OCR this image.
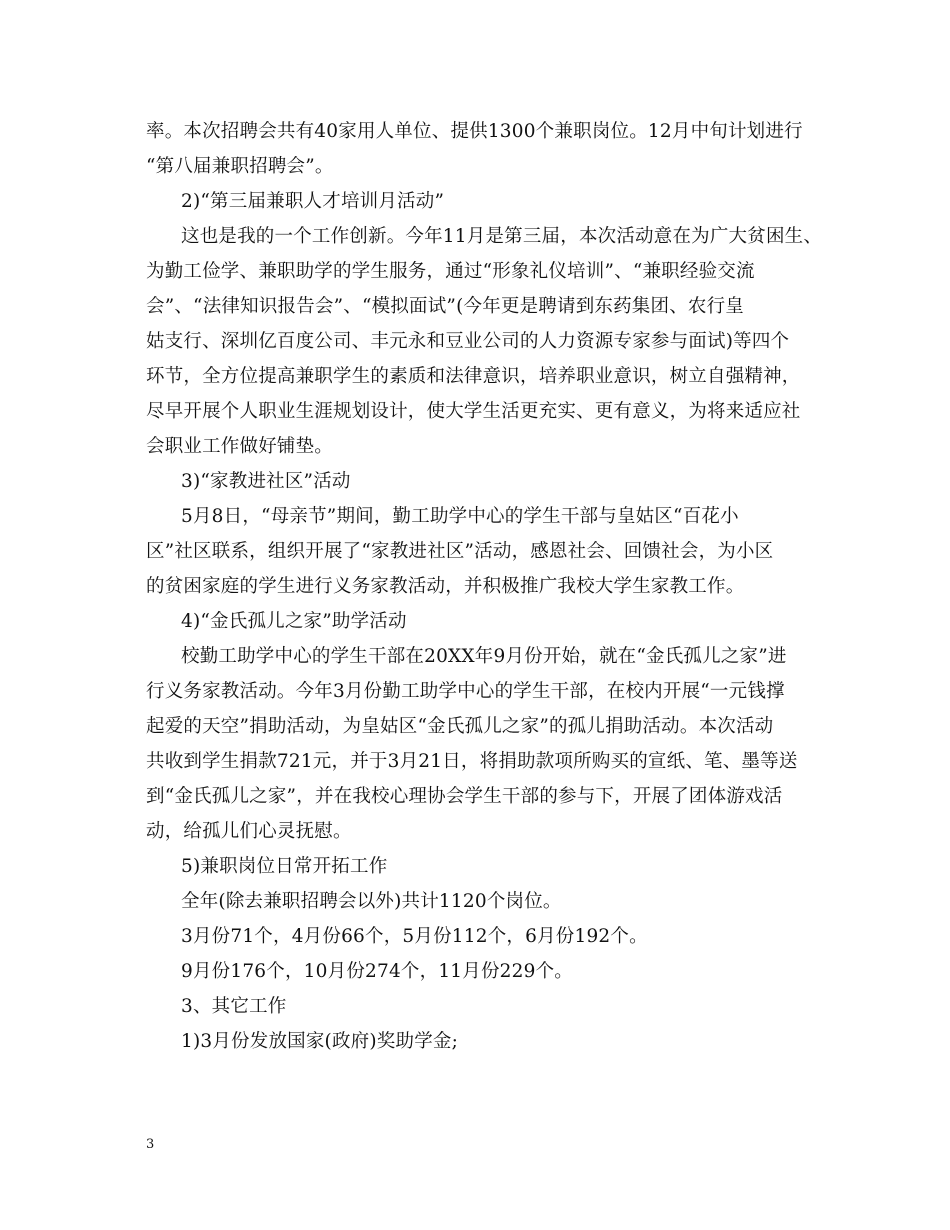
率。本次招聘会共有40家用人单位、提供1300个兼职岗位。12月中旬计划进行
“第八届兼职招聘会”。
2)“第三届兼职人才培训月活动”
这也是我的一个工作创新。今年11月是第三届，本次活动意在为广大贫困生、
为勤工俭学、兼职助学的学生服务，通过“形象礼仪培训”、“兼职经验交流
会”、“法律知识报告会”、“模拟面试”(今年更是聘请到东药集团、农行皇
姑支行、深圳亿百度公司、丰元永和豆业公司的人力资源专家参与面试)等四个
环节，全方位提高兼职学生的素质和法律意识，培养职业意识，树立自强精神，
尽早开展个人职业生涯规划设计，使大学生活更充实、更有意义，为将来适应社
会职业工作做好铺垫。
3)“家教进社区”活动
5月8日，“母亲节”期间，勤工助学中心的学生干部与皇姑区“百花小
区”社区联系，组织开展了“家教进社区”活动，感恩社会、回馈社会，为小区
的贫困家庭的学生进行义务家教活动，并积极推广我校大学生家教工作。
4)“金氏孤儿之家”助学活动
校勤工助学中心的学生干部在20XX年9月份开始，就在“金氏孤儿之家”进
行义务家教活动。今年3月份勤工助学中心的学生干部，在校内开展“一元钱撑
起爱的天空”捐助活动，为皇姑区“金氏孤儿之家”的孤儿捐助活动。本次活动
共收到学生捐款721元，并于3月21日，将捐助款项所购买的宣纸、笔、墨等送
到“金氏孤儿之家”，并在我校心理协会学生干部的参与下，开展了团体游戏活
动，给孤儿们心灵抚慰。
5)兼职岗位日常开拓工作
全年(除去兼职招聘会以外)共计1120个岗位。
3月份71个，4月份66个，5月份112个，6月份192个。
9月份176个，10月份274个，11月份229个。
3、其它工作
1)3月份发放国家(政府)奖助学金;
3
